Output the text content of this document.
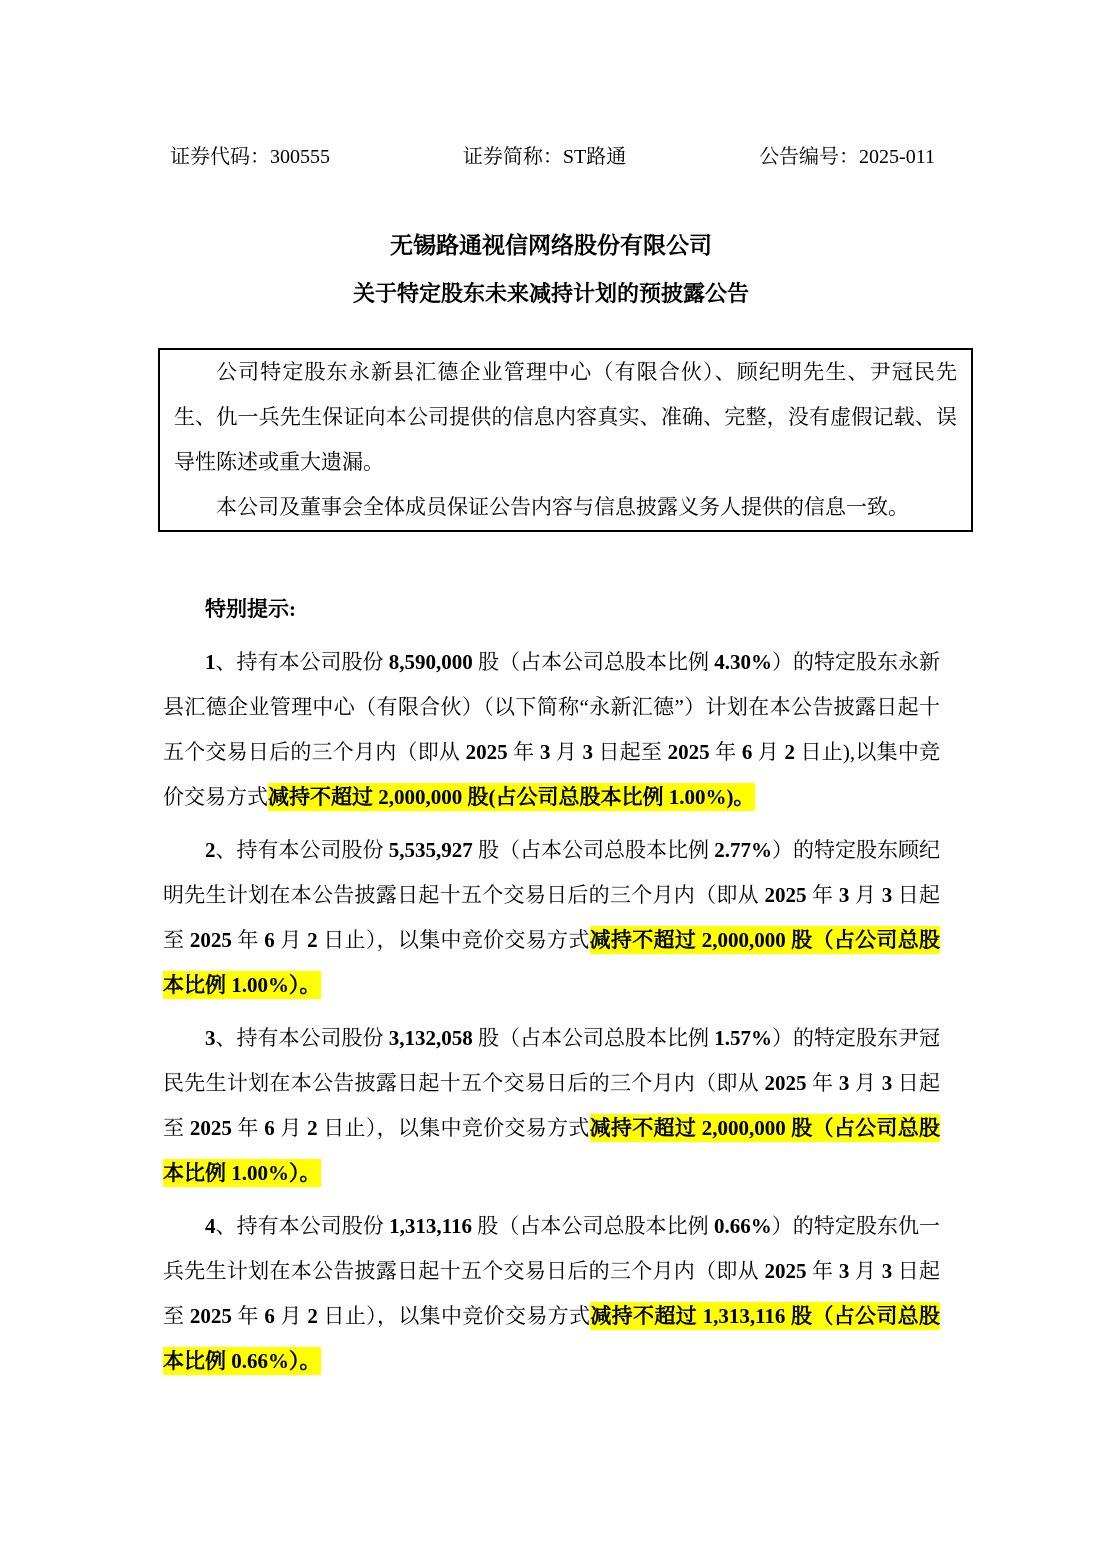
证券代码：300555	证券简称：ST路通	公告编号：2025-011
无锡路通视信网络股份有限公司
关于特定股东未来减持计划的预披露公告

公司特定股东永新县汇德企业管理中心（有限合伙）、顾纪明先生、尹冠民先生、仇一兵先生保证向本公司提供的信息内容真实、准确、完整，没有虚假记载、误导性陈述或重大遗漏。

本公司及董事会全体成员保证公告内容与信息披露义务人提供的信息一致。

特别提示:

1、持有本公司股份 8,590,000 股（占本公司总股本比例 4.30%）的特定股东永新县汇德企业管理中心（有限合伙）（以下简称“永新汇德”）计划在本公告披露日起十五个交易日后的三个月内（即从 2025 年 3 月 3 日起至 2025 年 6 月 2 日止),以集中竞价交易方式减持不超过 2,000,000 股(占公司总股本比例 1.00%)。

2、持有本公司股份 5,535,927 股（占本公司总股本比例 2.77%）的特定股东顾纪明先生计划在本公告披露日起十五个交易日后的三个月内（即从 2025 年 3 月 3 日起至 2025 年 6 月 2 日止），以集中竞价交易方式减持不超过 2,000,000 股（占公司总股本比例 1.00%）。

3、持有本公司股份 3,132,058 股（占本公司总股本比例 1.57%）的特定股东尹冠民先生计划在本公告披露日起十五个交易日后的三个月内（即从 2025 年 3 月 3 日起至 2025 年 6 月 2 日止），以集中竞价交易方式减持不超过 2,000,000 股（占公司总股本比例 1.00%）。

4、持有本公司股份 1,313,116 股（占本公司总股本比例 0.66%）的特定股东仇一兵先生计划在本公告披露日起十五个交易日后的三个月内（即从 2025 年 3 月 3 日起至 2025 年 6 月 2 日止），以集中竞价交易方式减持不超过 1,313,116 股（占公司总股本比例 0.66%）。
